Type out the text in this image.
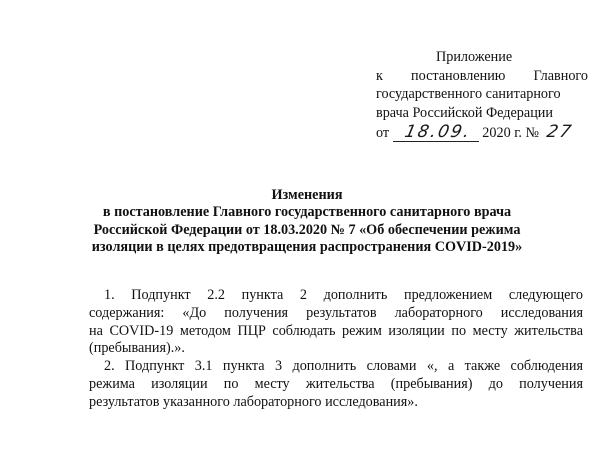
Приложение
к постановлению Главного
государственного санитарного
врача Российской Федерации
от 18.09. 2020 г. № 27
Изменения
в постановление Главного государственного санитарного врача
Российской Федерации от 18.03.2020 № 7 «Об обеспечении режима
изоляции в целях предотвращения распространения COVID-2019»
1. Подпункт 2.2 пункта 2 дополнить предложением следующего
содержания: «До получения результатов лабораторного исследования
на COVID-19 методом ПЦР соблюдать режим изоляции по месту жительства
(пребывания).».
2. Подпункт 3.1 пункта 3 дополнить словами «, а также соблюдения
режима изоляции по месту жительства (пребывания) до получения
результатов указанного лабораторного исследования».
